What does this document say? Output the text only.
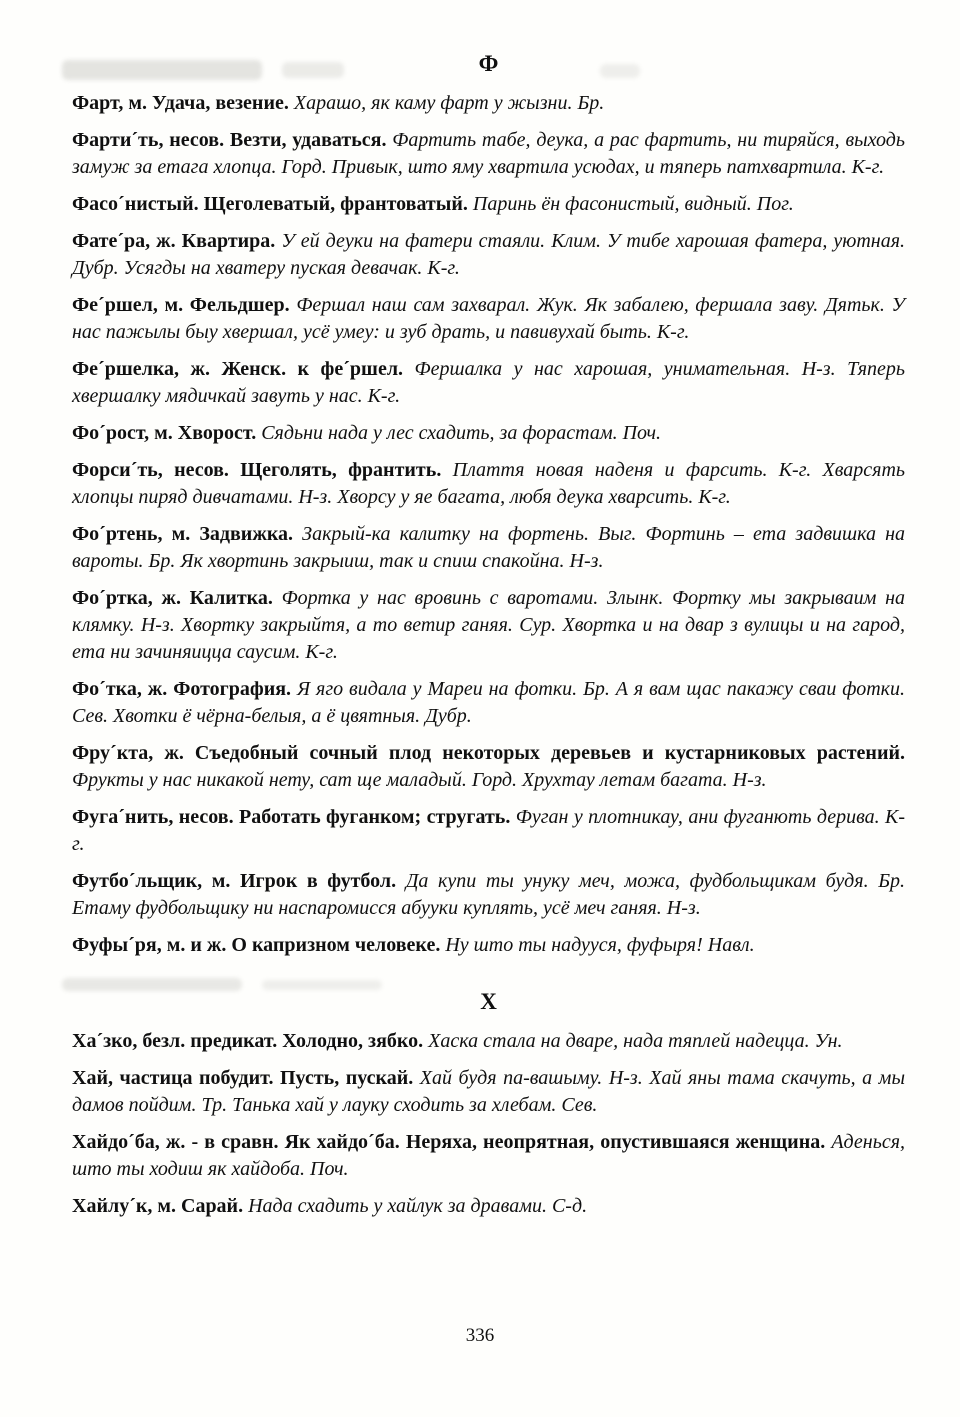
Ф

Фарт, м. Удача, везение. Харашо, як каму фарт у жызни. Бр.

Фарти´ть, несов. Везти, удаваться. Фартить табе, деука, а рас фартить, ни тиряйся, выходь замуж за етага хлопца. Горд. Привык, што яму хвартила усюдах, и тяперь патхвартила. К-г.

Фасо´нистый. Щеголеватый, франтоватый. Паринь ён фасонистый, видный. Пог.

Фате´ра, ж. Квартира. У ей деуки на фатери стаяли. Клим. У тибе харошая фатера, уютная. Дубр. Усягды на хватеру пуская девачак. К-г.

Фе´ршел, м. Фельдшер. Фершал наш сам захварал. Жук. Як забалею, фершала заву. Дятьк. У нас пажылы быу хвершал, усё умеу: и зуб драть, и павивухай быть. К-г.

Фе´ршелка, ж. Женск. к фе´ршел. Фершалка у нас харошая, унимательная. Н-з. Тяперь хвершалку мядичкай завуть у нас. К-г.

Фо´рост, м. Хворост. Сядьни нада у лес схадить, за форастам. Поч.

Форси´ть, несов. Щеголять, франтить. Плаття новая наденя и фарсить. К-г. Хварсять хлопцы пиряд дивчатами. Н-з. Хворсу у яе багата, любя деука хварсить. К-г.

Фо´ртень, м. Задвижка. Закрый-ка калитку на фортень. Выг. Фортинь – ета задвишка на вароты. Бр. Як хвортинь закрыиш, так и спиш спакойна. Н-з.

Фо´ртка, ж. Калитка. Фортка у нас вровинь с варотами. Злынк. Фортку мы закрываим на клямку. Н-з. Хвортку закрыйтя, а то ветир ганяя. Сур. Хвортка и на двар з вулицы и на гарод, ета ни зачиняицца саусим. К-г.

Фо´тка, ж. Фотография. Я яго видала у Мареи на фотки. Бр. А я вам щас пакажу сваи фотки. Сев. Хвотки ё чёрна-белыя, а ё цвятныя. Дубр.

Фру´кта, ж. Съедобный сочный плод некоторых деревьев и кустарниковых растений. Фрукты у нас никакой нету, сат ще маладый. Горд. Хрухтау летам багата. Н-з.

Фуга´нить, несов. Работать фуганком; стругать. Фуган у плотникау, ани фуганють дерива. К-г.

Футбо´льщик, м. Игрок в футбол. Да купи ты унуку меч, можа, фудбольщикам будя. Бр. Етаму фудбольщику ни наспаромисся абууки куплять, усё меч ганяя. Н-з.

Фуфы´ря, м. и ж. О капризном человеке. Ну што ты надууся, фуфыря! Навл.

Х

Ха´зко, безл. предикат. Холодно, зябко. Хаска стала на дваре, нада тяплей надецца. Ун.

Хай, частица побудит. Пусть, пускай. Хай будя па-вашыму. Н-з. Хай яны тама скачуть, а мы дамов пойдим. Тр. Танька хай у лауку сходить за хлебам. Сев.

Хайдо´ба, ж. - в сравн. Як хайдо´ба. Неряха, неопрятная, опустившаяся женщина. Аденься, што ты ходиш як хайдоба. Поч.

Хайлу´к, м. Сарай. Нада схадить у хайлук за дравами. С-д.

336
